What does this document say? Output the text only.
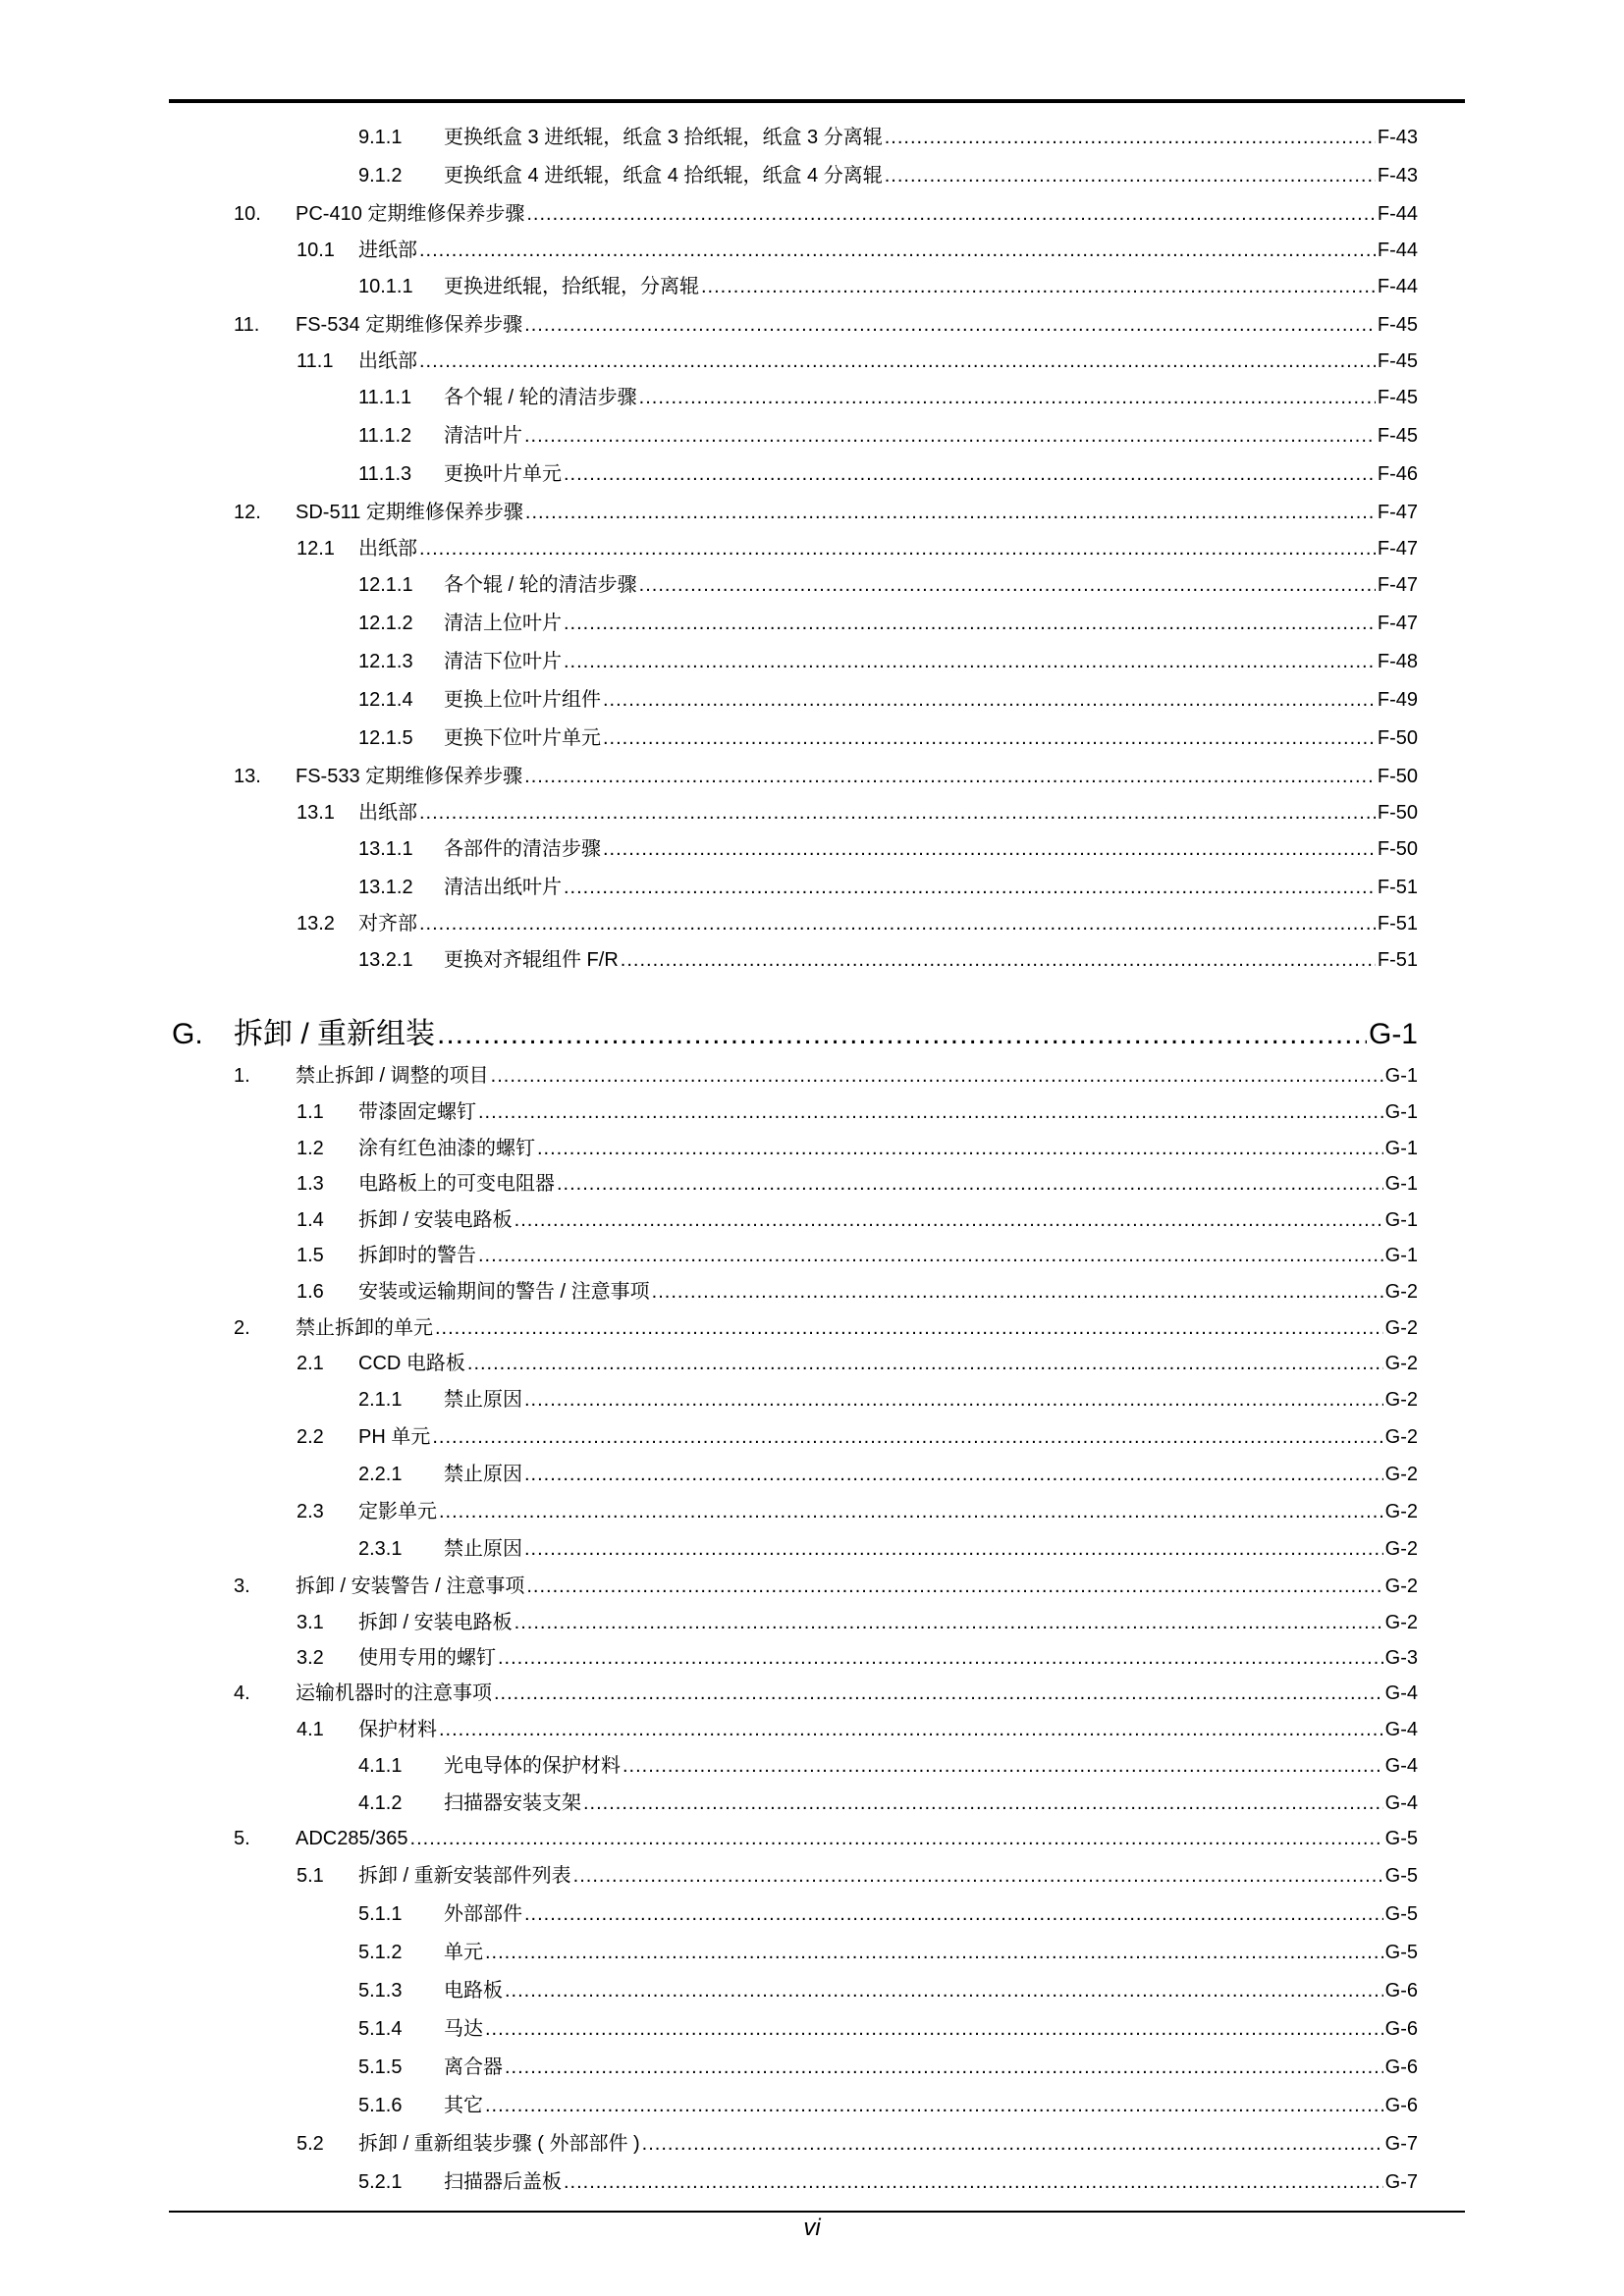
9.1.1	更换纸盒 3 进纸辊，纸盒 3 拾纸辊，纸盒 3 分离辊 .....	F-43
9.1.2	更换纸盒 4 进纸辊，纸盒 4 拾纸辊，纸盒 4 分离辊 .....	F-43
10.	PC-410 定期维修保养步骤 .....	F-44
10.1	进纸部 .....	F-44
10.1.1	更换进纸辊，拾纸辊，分离辊 .....	F-44
11.	FS-534 定期维修保养步骤 .....	F-45
11.1	出纸部 .....	F-45
11.1.1	各个辊 / 轮的清洁步骤 .....	F-45
11.1.2	清洁叶片 .....	F-45
11.1.3	更换叶片单元 .....	F-46
12.	SD-511 定期维修保养步骤 .....	F-47
12.1	出纸部 .....	F-47
12.1.1	各个辊 / 轮的清洁步骤 .....	F-47
12.1.2	清洁上位叶片 .....	F-47
12.1.3	清洁下位叶片 .....	F-48
12.1.4	更换上位叶片组件 .....	F-49
12.1.5	更换下位叶片单元 .....	F-50
13.	FS-533 定期维修保养步骤 .....	F-50
13.1	出纸部 .....	F-50
13.1.1	各部件的清洁步骤 .....	F-50
13.1.2	清洁出纸叶片 .....	F-51
13.2	对齐部 .....	F-51
13.2.1	更换对齐辊组件 F/R .....	F-51
G.	拆卸 / 重新组装 .....	G-1
1.	禁止拆卸 / 调整的项目 .....	G-1
1.1	带漆固定螺钉 .....	G-1
1.2	涂有红色油漆的螺钉 .....	G-1
1.3	电路板上的可变电阻器 .....	G-1
1.4	拆卸 / 安装电路板 .....	G-1
1.5	拆卸时的警告 .....	G-1
1.6	安装或运输期间的警告 / 注意事项 .....	G-2
2.	禁止拆卸的单元 .....	G-2
2.1	CCD 电路板 .....	G-2
2.1.1	禁止原因 .....	G-2
2.2	PH 单元 .....	G-2
2.2.1	禁止原因 .....	G-2
2.3	定影单元 .....	G-2
2.3.1	禁止原因 .....	G-2
3.	拆卸 / 安装警告 / 注意事项 .....	G-2
3.1	拆卸 / 安装电路板 .....	G-2
3.2	使用专用的螺钉 .....	G-3
4.	运输机器时的注意事项 .....	G-4
4.1	保护材料 .....	G-4
4.1.1	光电导体的保护材料 .....	G-4
4.1.2	扫描器安装支架 .....	G-4
5.	ADC285/365 .....	G-5
5.1	拆卸 / 重新安装部件列表 .....	G-5
5.1.1	外部部件 .....	G-5
5.1.2	单元 .....	G-5
5.1.3	电路板 .....	G-6
5.1.4	马达 .....	G-6
5.1.5	离合器 .....	G-6
5.1.6	其它 .....	G-6
5.2	拆卸 / 重新组装步骤 ( 外部部件 ) .....	G-7
5.2.1	扫描器后盖板 .....	G-7
vi
